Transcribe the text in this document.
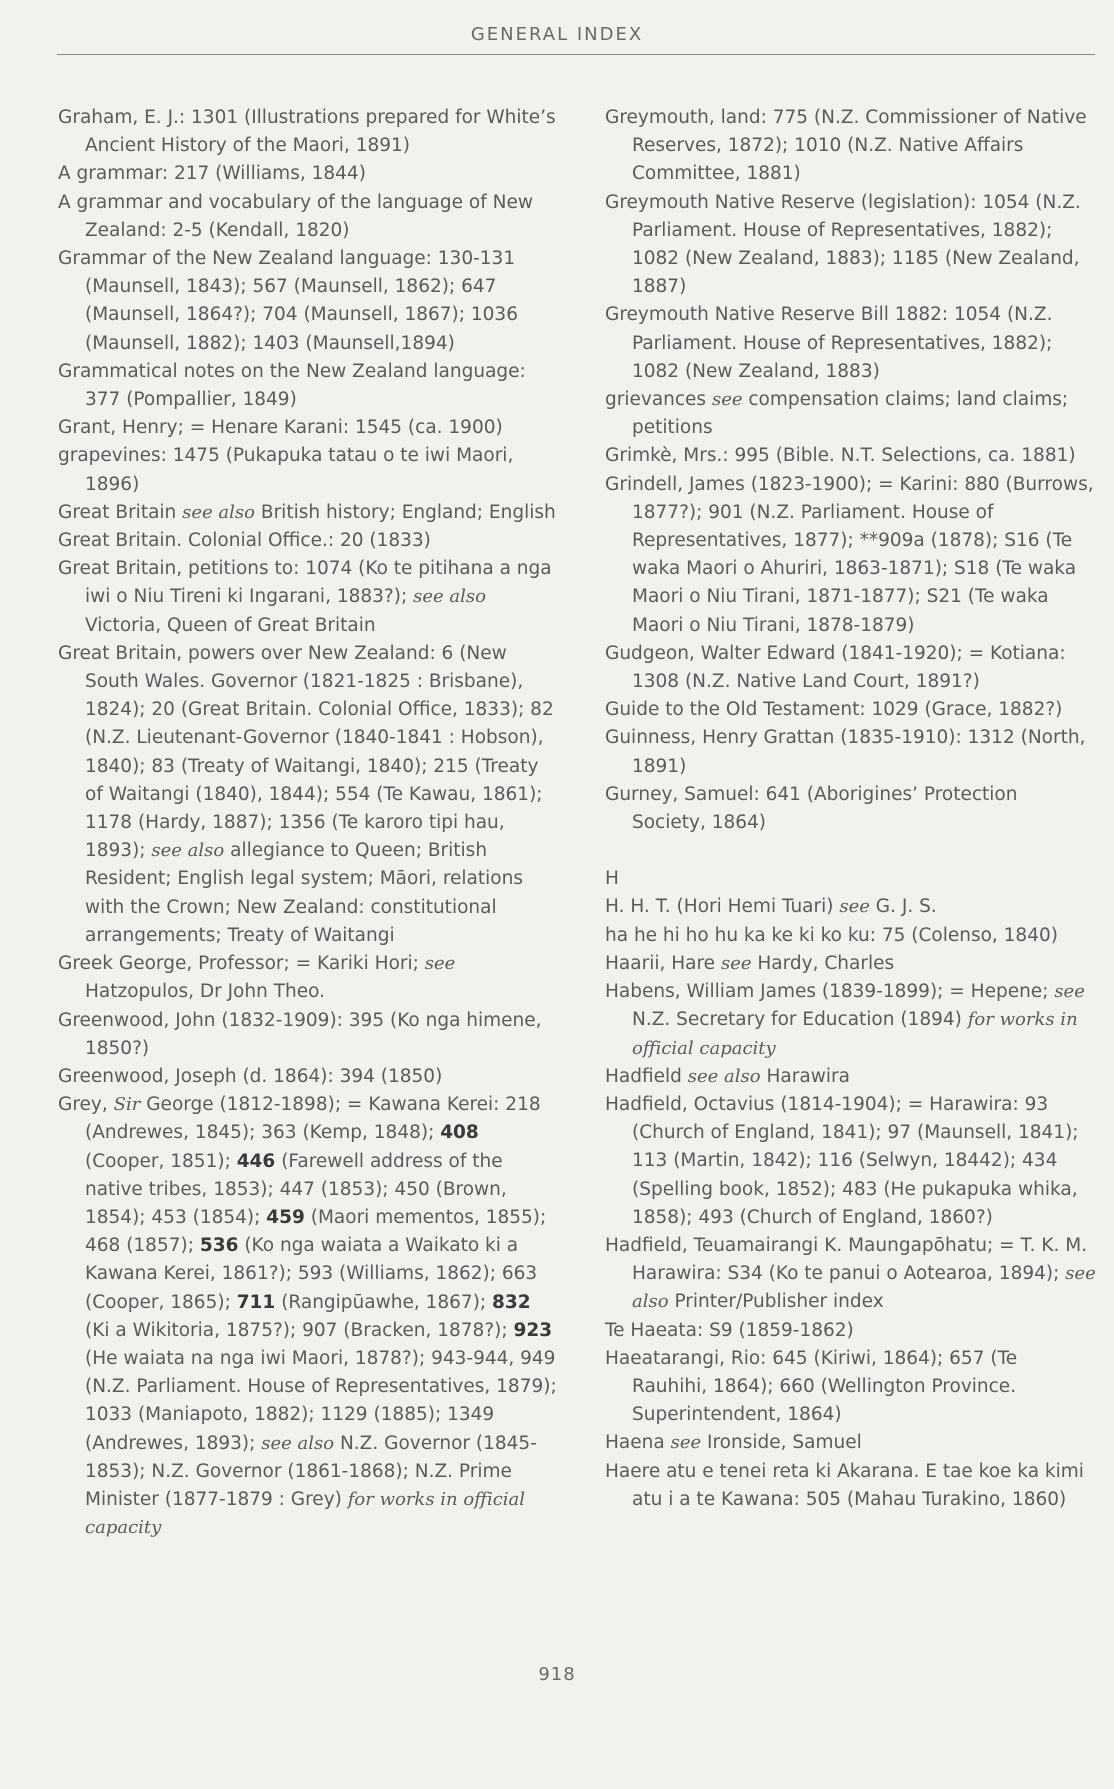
GENERAL INDEX

Graham, E. J.: 1301 (Illustrations prepared for White’s Ancient History of the Maori, 1891)

A grammar: 217 (Williams, 1844)

A grammar and vocabulary of the language of New Zealand: 2-5 (Kendall, 1820)

Grammar of the New Zealand language: 130-131 (Maunsell, 1843); 567 (Maunsell, 1862); 647 (Maunsell, 1864?); 704 (Maunsell, 1867); 1036 (Maunsell, 1882); 1403 (Maunsell,1894)

Grammatical notes on the New Zealand language: 377 (Pompallier, 1849)

Grant, Henry; = Henare Karani: 1545 (ca. 1900)

grapevines: 1475 (Pukapuka tatau o te iwi Maori, 1896)

Great Britain see also British history; England; English

Great Britain. Colonial Office.: 20 (1833)

Great Britain, petitions to: 1074 (Ko te pitihana a nga iwi o Niu Tireni ki Ingarani, 1883?); see also Victoria, Queen of Great Britain

Great Britain, powers over New Zealand: 6 (New South Wales. Governor (1821-1825 : Brisbane), 1824); 20 (Great Britain. Colonial Office, 1833); 82 (N.Z. Lieutenant-Governor (1840-1841 : Hobson), 1840); 83 (Treaty of Waitangi, 1840); 215 (Treaty of Waitangi (1840), 1844); 554 (Te Kawau, 1861); 1178 (Hardy, 1887); 1356 (Te karoro tipi hau, 1893); see also allegiance to Queen; British Resident; English legal system; Māori, relations with the Crown; New Zealand: constitutional arrangements; Treaty of Waitangi

Greek George, Professor; = Kariki Hori; see Hatzopulos, Dr John Theo.

Greenwood, John (1832-1909): 395 (Ko nga himene, 1850?)

Greenwood, Joseph (d. 1864): 394 (1850)

Grey, Sir George (1812-1898); = Kawana Kerei: 218 (Andrewes, 1845); 363 (Kemp, 1848); 408 (Cooper, 1851); 446 (Farewell address of the native tribes, 1853); 447 (1853); 450 (Brown, 1854); 453 (1854); 459 (Maori mementos, 1855); 468 (1857); 536 (Ko nga waiata a Waikato ki a Kawana Kerei, 1861?); 593 (Williams, 1862); 663 (Cooper, 1865); 711 (Rangipūawhe, 1867); 832 (Ki a Wikitoria, 1875?); 907 (Bracken, 1878?); 923 (He waiata na nga iwi Maori, 1878?); 943-944, 949 (N.Z. Parliament. House of Representatives, 1879); 1033 (Maniapoto, 1882); 1129 (1885); 1349 (Andrewes, 1893); see also N.Z. Governor (1845-1853); N.Z. Governor (1861-1868); N.Z. Prime Minister (1877-1879 : Grey) for works in official capacity

Greymouth, land: 775 (N.Z. Commissioner of Native Reserves, 1872); 1010 (N.Z. Native Affairs Committee, 1881)

Greymouth Native Reserve (legislation): 1054 (N.Z. Parliament. House of Representatives, 1882); 1082 (New Zealand, 1883); 1185 (New Zealand, 1887)

Greymouth Native Reserve Bill 1882: 1054 (N.Z. Parliament. House of Representatives, 1882); 1082 (New Zealand, 1883)

grievances see compensation claims; land claims; petitions

Grimkè, Mrs.: 995 (Bible. N.T. Selections, ca. 1881)

Grindell, James (1823-1900); = Karini: 880 (Burrows, 1877?); 901 (N.Z. Parliament. House of Representatives, 1877); **909a (1878); S16 (Te waka Maori o Ahuriri, 1863-1871); S18 (Te waka Maori o Niu Tirani, 1871-1877); S21 (Te waka Maori o Niu Tirani, 1878-1879)

Gudgeon, Walter Edward (1841-1920); = Kotiana: 1308 (N.Z. Native Land Court, 1891?)

Guide to the Old Testament: 1029 (Grace, 1882?)

Guinness, Henry Grattan (1835-1910): 1312 (North, 1891)

Gurney, Samuel: 641 (Aborigines’ Protection Society, 1864)

H

H. H. T. (Hori Hemi Tuari) see G. J. S.

ha he hi ho hu ka ke ki ko ku: 75 (Colenso, 1840)

Haarii, Hare see Hardy, Charles

Habens, William James (1839-1899); = Hepene; see N.Z. Secretary for Education (1894) for works in official capacity

Hadfield see also Harawira

Hadfield, Octavius (1814-1904); = Harawira: 93 (Church of England, 1841); 97 (Maunsell, 1841); 113 (Martin, 1842); 116 (Selwyn, 18442); 434 (Spelling book, 1852); 483 (He pukapuka whika, 1858); 493 (Church of England, 1860?)

Hadfield, Teuamairangi K. Maungapōhatu; = T. K. M. Harawira: S34 (Ko te panui o Aotearoa, 1894); see also Printer/Publisher index

Te Haeata: S9 (1859-1862)

Haeatarangi, Rio: 645 (Kiriwi, 1864); 657 (Te Rauhihi, 1864); 660 (Wellington Province. Superintendent, 1864)

Haena see Ironside, Samuel

Haere atu e tenei reta ki Akarana. E tae koe ka kimi atu i a te Kawana: 505 (Mahau Turakino, 1860)

918
